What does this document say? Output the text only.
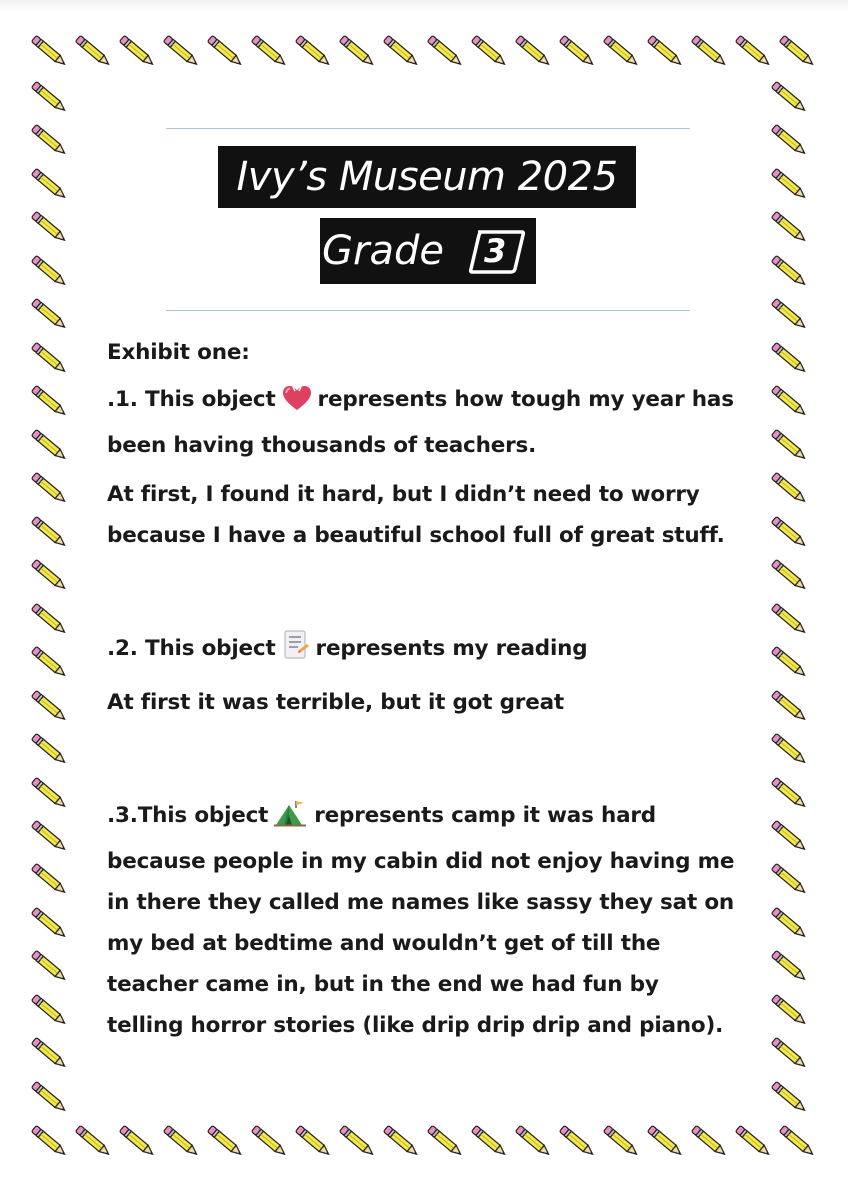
Ivy’s Museum 2025
Grade 3

Exhibit one:

.1. This object represents how tough my year has
been having thousands of teachers.
At first, I found it hard, but I didn’t need to worry
because I have a beautiful school full of great stuff.
.2. This object represents my reading
At first it was terrible, but it got great
.3.This object represents camp it was hard
because people in my cabin did not enjoy having me
in there they called me names like sassy they sat on
my bed at bedtime and wouldn’t get of till the
teacher came in, but in the end we had fun by
telling horror stories (like drip drip drip and piano).
